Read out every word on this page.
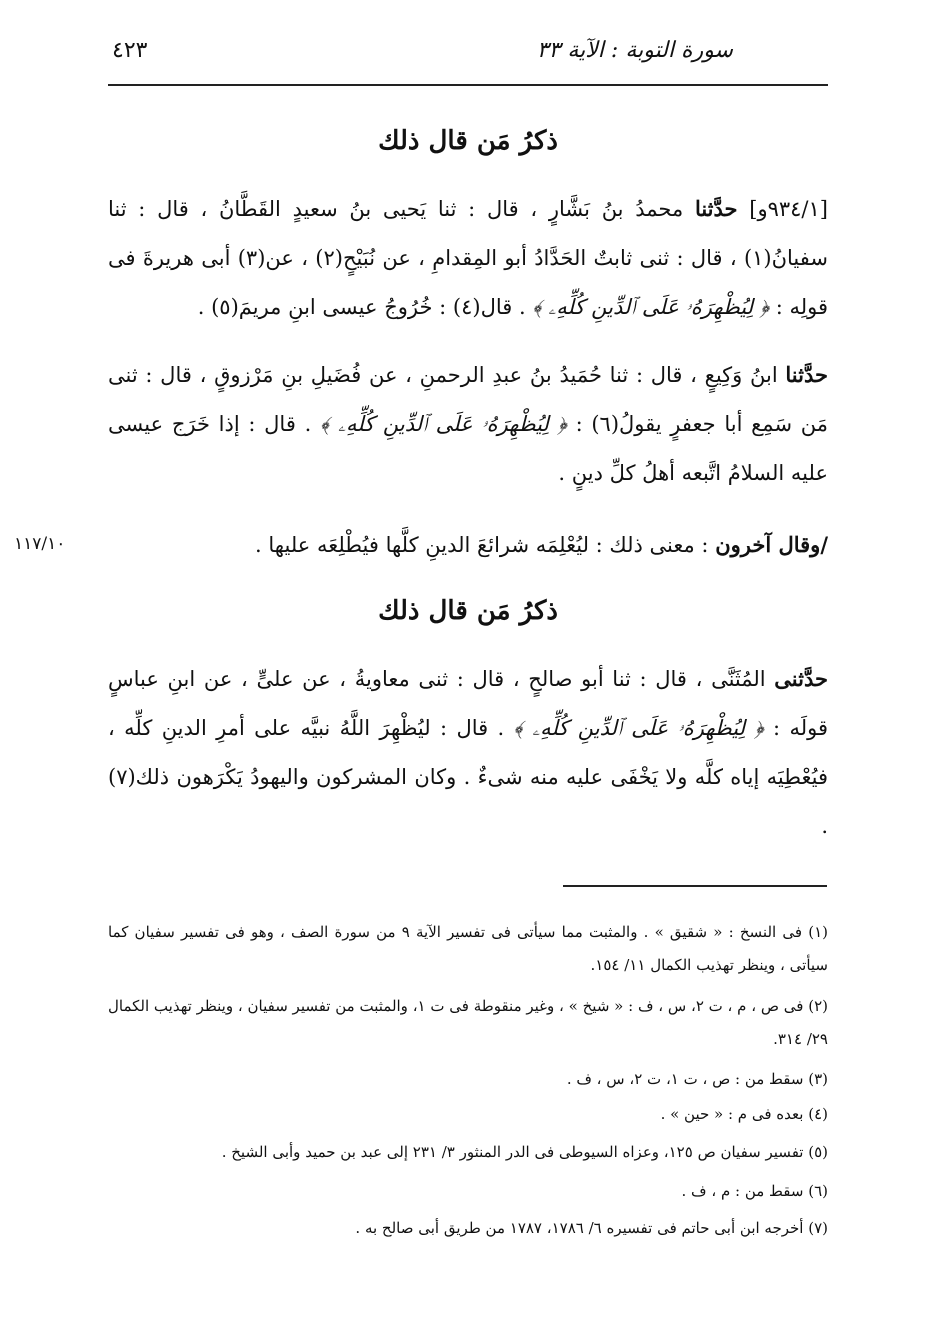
سورة التوبة : الآية ٣٣
٤٢٣
ذكرُ مَن قال ذلك
[٩٣٤/١و] حدَّثنا محمدُ بنُ بَشَّارٍ ، قال : ثنا يَحيى بنُ سعيدٍ القَطَّانُ ، قال : ثنا سفيانُ(١) ، قال : ثنى ثابتٌ الحَدَّادُ أبو المِقدامِ ، عن نُبَيْحٍ(٢) ، عن(٣) أبى هريرةَ فى قولِه : ﴿ لِيُظْهِرَهُۥ عَلَى ٱلدِّينِ كُلِّهِۦ ﴾ . قال(٤) : خُرُوجُ عيسى ابنِ مريمَ(٥) .
حدَّثنا ابنُ وَكِيعٍ ، قال : ثنا حُمَيدُ بنُ عبدِ الرحمنِ ، عن فُضَيلِ بنِ مَرْزوقٍ ، قال : ثنى مَن سَمِع أبا جعفرٍ يقولُ(٦) : ﴿ لِيُظْهِرَهُۥ عَلَى ٱلدِّينِ كُلِّهِۦ ﴾ . قال : إذا خَرَج عيسى عليه السلامُ اتَّبعه أهلُ كلِّ دينٍ .
/وقال آخرون : معنى ذلك : ليُعْلِمَه شرائعَ الدينِ كلَّها فيُطْلِعَه عليها .
١١٧/١٠
ذكرُ مَن قال ذلك
حدَّثنى المُثَنَّى ، قال : ثنا أبو صالحٍ ، قال : ثنى معاويةُ ، عن علىٍّ ، عن ابنِ عباسٍ قولَه : ﴿ لِيُظْهِرَهُۥ عَلَى ٱلدِّينِ كُلِّهِۦ ﴾ . قال : ليُظْهِرَ اللَّهُ نبيَّه على أمرِ الدينِ كلِّه ، فيُعْطِيَه إياه كلَّه ولا يَخْفَى عليه منه شىءٌ . وكان المشركون واليهودُ يَكْرَهون ذلك(٧) .
(١) فى النسخ : « شقيق » . والمثبت مما سيأتى فى تفسير الآية ٩ من سورة الصف ، وهو فى تفسير سفيان كما سيأتى ، وينظر تهذيب الكمال ١١/ ١٥٤.
(٢) فى ص ، م ، ت ٢، س ، ف : « شيخ » ، وغير منقوطة فى ت ١، والمثبت من تفسير سفيان ، وينظر تهذيب الكمال ٢٩/ ٣١٤.
(٣) سقط من : ص ، ت ١، ت ٢، س ، ف .
(٤) بعده فى م : « حين » .
(٥) تفسير سفيان ص ١٢٥، وعزاه السيوطى فى الدر المنثور ٣/ ٢٣١ إلى عبد بن حميد وأبى الشيخ .
(٦) سقط من : م ، ف .
(٧) أخرجه ابن أبى حاتم فى تفسيره ٦/ ١٧٨٦، ١٧٨٧ من طريق أبى صالح به .
